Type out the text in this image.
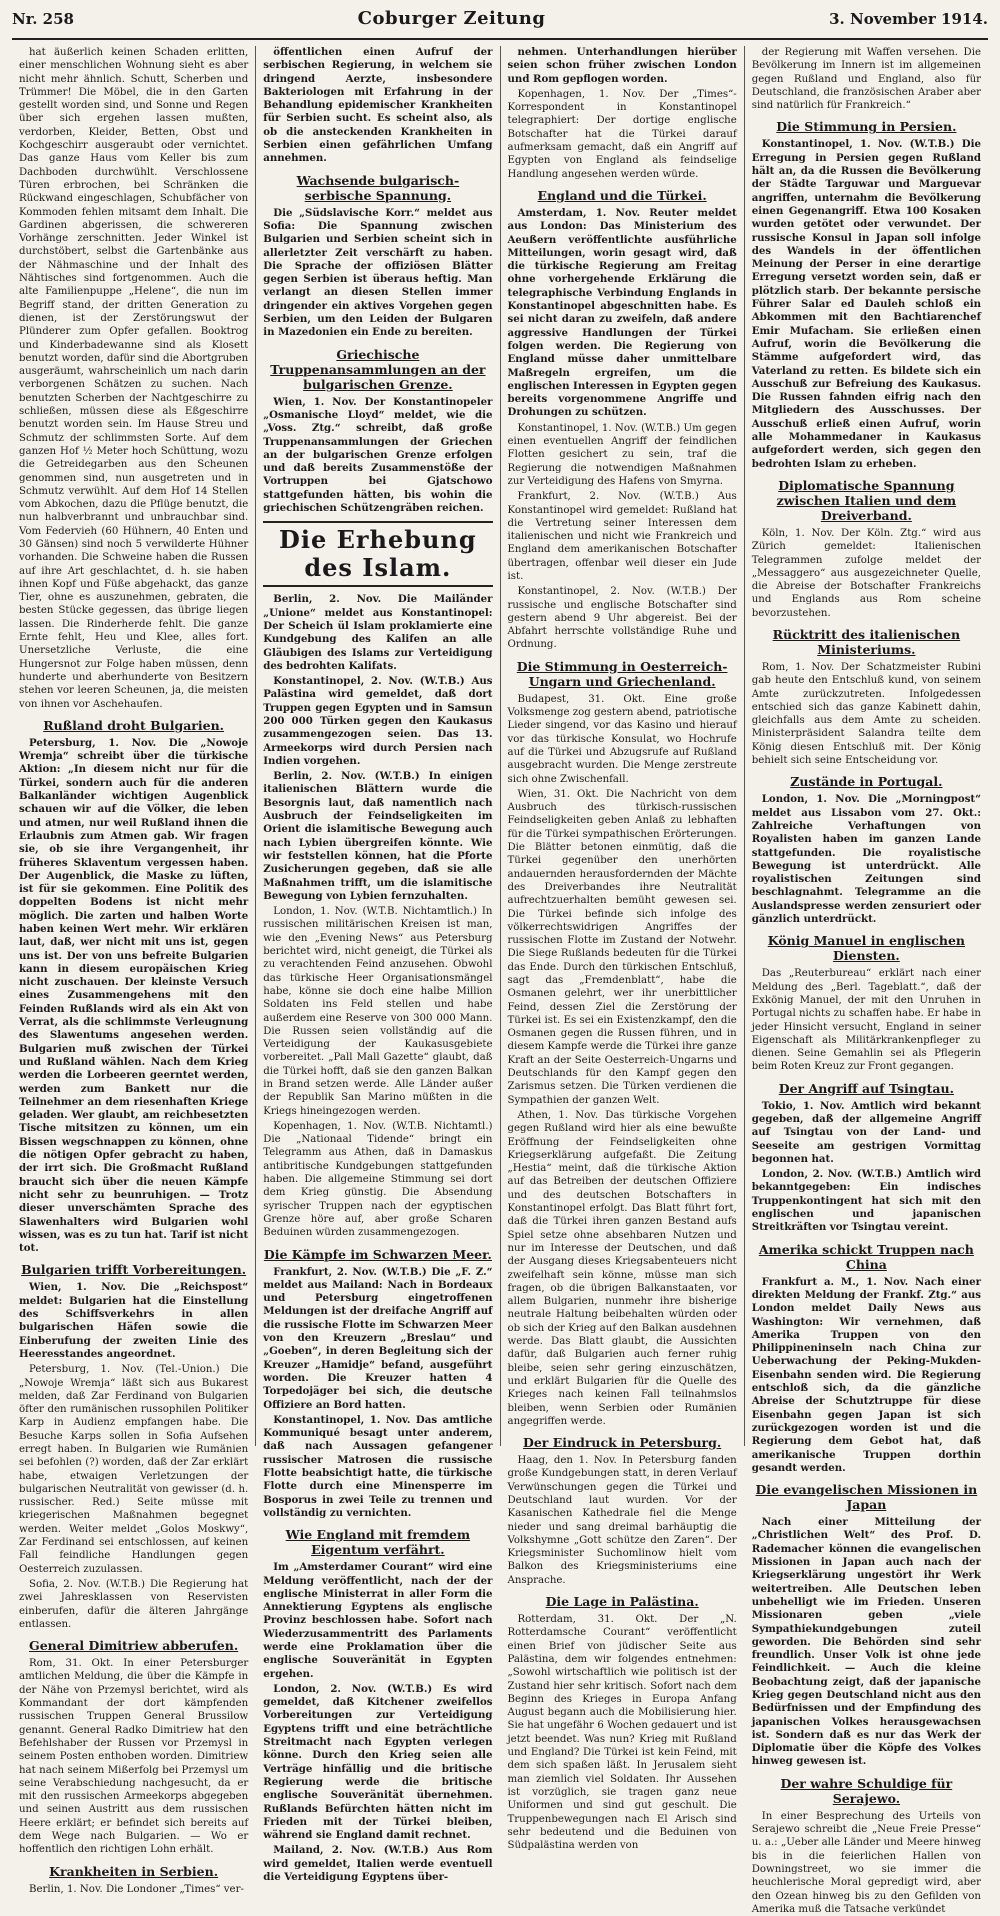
Nr. 258	Coburger Zeitung	3. November 1914.

hat äußerlich keinen Schaden erlitten, einer menschlichen Wohnung sieht es aber nicht mehr ähnlich. Schutt, Scherben und Trümmer! Die Möbel, die in den Garten gestellt worden sind, und Sonne und Regen über sich ergehen lassen mußten, verdorben, Kleider, Betten, Obst und Kochgeschirr ausgeraubt oder vernichtet. Das ganze Haus vom Keller bis zum Dachboden durchwühlt. Verschlossene Türen erbrochen, bei Schränken die Rückwand eingeschlagen, Schubfächer von Kommoden fehlen mitsamt dem Inhalt. Die Gardinen abgerissen, die schwereren Vorhänge zerschnitten. Jeder Winkel ist durchstöbert, selbst die Gartenbänke aus der Nähmaschine und der Inhalt des Nähtisches sind fortgenommen. Auch die alte Familienpuppe „Helene“, die nun im Begriff stand, der dritten Generation zu dienen, ist der Zerstörungswut der Plünderer zum Opfer gefallen. Booktrog und Kinderbadewanne sind als Klosett benutzt worden, dafür sind die Abortgruben ausgeräumt, wahrscheinlich um nach darin verborgenen Schätzen zu suchen. Nach benutzten Scherben der Nachtgeschirre zu schließen, müssen diese als Eßgeschirre benutzt worden sein. Im Hause Streu und Schmutz der schlimmsten Sorte. Auf dem ganzen Hof ½ Meter hoch Schüttung, wozu die Getreidegarben aus den Scheunen genommen sind, nun ausgetreten und in Schmutz verwühlt. Auf dem Hof 14 Stellen vom Abkochen, dazu die Pflüge benutzt, die nun halbverbrannt und unbrauchbar sind. Vom Federvieh (60 Hühnern, 40 Enten und 30 Gänsen) sind noch 5 verwilderte Hühner vorhanden. Die Schweine haben die Russen auf ihre Art geschlachtet, d. h. sie haben ihnen Kopf und Füße abgehackt, das ganze Tier, ohne es auszunehmen, gebraten, die besten Stücke gegessen, das übrige liegen lassen. Die Rinderherde fehlt. Die ganze Ernte fehlt, Heu und Klee, alles fort. Unersetzliche Verluste, die eine Hungersnot zur Folge haben müssen, denn hunderte und aberhunderte von Besitzern stehen vor leeren Scheunen, ja, die meisten von ihnen vor Aschehaufen.

Rußland droht Bulgarien.

Petersburg, 1. Nov. Die „Nowoje Wremja“ schreibt über die türkische Aktion: „In diesem nicht nur für die Türkei, sondern auch für die anderen Balkanländer wichtigen Augenblick schauen wir auf die Völker, die leben und atmen, nur weil Rußland ihnen die Erlaubnis zum Atmen gab. Wir fragen sie, ob sie ihre Vergangenheit, ihr früheres Sklaventum vergessen haben. Der Augenblick, die Maske zu lüften, ist für sie gekommen. Eine Politik des doppelten Bodens ist nicht mehr möglich. Die zarten und halben Worte haben keinen Wert mehr. Wir erklären laut, daß, wer nicht mit uns ist, gegen uns ist. Der von uns befreite Bulgarien kann in diesem europäischen Krieg nicht zuschauen. Der kleinste Versuch eines Zusammengehens mit den Feinden Rußlands wird als ein Akt von Verrat, als die schlimmste Verleugnung des Slawentums angesehen werden. Bulgarien muß zwischen der Türkei und Rußland wählen. Nach dem Krieg werden die Lorbeeren geerntet werden, werden zum Bankett nur die Teilnehmer an dem riesenhaften Kriege geladen. Wer glaubt, am reichbesetzten Tische mitsitzen zu können, um ein Bissen wegschnappen zu können, ohne die nötigen Opfer gebracht zu haben, der irrt sich. Die Großmacht Rußland braucht sich über die neuen Kämpfe nicht sehr zu beunruhigen. — Trotz dieser unverschämten Sprache des Slawenhalters wird Bulgarien wohl wissen, was es zu tun hat. Tarif ist nicht tot.

Bulgarien trifft Vorbereitungen.

Wien, 1. Nov. Die „Reichspost“ meldet: Bulgarien hat die Einstellung des Schiffsverkehrs in allen bulgarischen Häfen sowie die Einberufung der zweiten Linie des Heeresstandes angeordnet.

Petersburg, 1. Nov. (Tel.-Union.) Die „Nowoje Wremja“ läßt sich aus Bukarest melden, daß Zar Ferdinand von Bulgarien öfter den rumänischen russophilen Politiker Karp in Audienz empfangen habe. Die Besuche Karps sollen in Sofia Aufsehen erregt haben. In Bulgarien wie Rumänien sei befohlen (?) worden, daß der Zar erklärt habe, etwaigen Verletzungen der bulgarischen Neutralität von gewisser (d. h. russischer. Red.) Seite müsse mit kriegerischen Maßnahmen begegnet werden. Weiter meldet „Golos Moskwy“, Zar Ferdinand sei entschlossen, auf keinen Fall feindliche Handlungen gegen Oesterreich zuzulassen.

Sofia, 2. Nov. (W.T.B.) Die Regierung hat zwei Jahresklassen von Reservisten einberufen, dafür die älteren Jahrgänge entlassen.

General Dimitriew abberufen.

Rom, 31. Okt. In einer Petersburger amtlichen Meldung, die über die Kämpfe in der Nähe von Przemysl berichtet, wird als Kommandant der dort kämpfenden russischen Truppen General Brussilow genannt. General Radko Dimitriew hat den Befehlshaber der Russen vor Przemysl in seinem Posten enthoben worden. Dimitriew hat nach seinem Mißerfolg bei Przemysl um seine Verabschiedung nachgesucht, da er mit den russischen Armeekorps abgegeben und seinen Austritt aus dem russischen Heere erklärt; er befindet sich bereits auf dem Wege nach Bulgarien. — Wo er hoffentlich den richtigen Lohn erhält.

Krankheiten in Serbien.

Berlin, 1. Nov. Die Londoner „Times“ ver-

öffentlichen einen Aufruf der serbischen Regierung, in welchem sie dringend Aerzte, insbesondere Bakteriologen mit Erfahrung in der Behandlung epidemischer Krankheiten für Serbien sucht. Es scheint also, als ob die ansteckenden Krankheiten in Serbien einen gefährlichen Umfang annehmen.

Wachsende bulgarisch-serbische Spannung.

Die „Südslavische Korr.“ meldet aus Sofia: Die Spannung zwischen Bulgarien und Serbien scheint sich in allerletzter Zeit verschärft zu haben. Die Sprache der offiziösen Blätter gegen Serbien ist überaus heftig. Man verlangt an diesen Stellen immer dringender ein aktives Vorgehen gegen Serbien, um den Leiden der Bulgaren in Mazedonien ein Ende zu bereiten.

Griechische Truppenansammlungen an der bulgarischen Grenze.

Wien, 1. Nov. Der Konstantinopeler „Osmanische Lloyd“ meldet, wie die „Voss. Ztg.“ schreibt, daß große Truppenansammlungen der Griechen an der bulgarischen Grenze erfolgen und daß bereits Zusammenstöße der Vortruppen bei Gjatschowo stattgefunden hätten, bis wohin die griechischen Schützengräben reichen.

Die Erhebung des Islam.

Berlin, 2. Nov. Die Mailänder „Unione“ meldet aus Konstantinopel: Der Scheich ül Islam proklamierte eine Kundgebung des Kalifen an alle Gläubigen des Islams zur Verteidigung des bedrohten Kalifats.

Konstantinopel, 2. Nov. (W.T.B.) Aus Palästina wird gemeldet, daß dort Truppen gegen Egypten und in Samsun 200 000 Türken gegen den Kaukasus zusammengezogen seien. Das 13. Armeekorps wird durch Persien nach Indien vorgehen.

Berlin, 2. Nov. (W.T.B.) In einigen italienischen Blättern wurde die Besorgnis laut, daß namentlich nach Ausbruch der Feindseligkeiten im Orient die islamitische Bewegung auch nach Lybien übergreifen könnte. Wie wir feststellen können, hat die Pforte Zusicherungen gegeben, daß sie alle Maßnahmen trifft, um die islamitische Bewegung von Lybien fernzuhalten.

London, 1. Nov. (W.T.B. Nichtamtlich.) In russischen militärischen Kreisen ist man, wie den „Evening News“ aus Petersburg berichtet wird, nicht geneigt, die Türkei als zu verachtenden Feind anzusehen. Obwohl das türkische Heer Organisationsmängel habe, könne sie doch eine halbe Million Soldaten ins Feld stellen und habe außerdem eine Reserve von 300 000 Mann. Die Russen seien vollständig auf die Verteidigung der Kaukasusgebiete vorbereitet. „Pall Mall Gazette“ glaubt, daß die Türkei hofft, daß sie den ganzen Balkan in Brand setzen werde. Alle Länder außer der Republik San Marino müßten in die Kriegs hineingezogen werden.

Kopenhagen, 1. Nov. (W.T.B. Nichtamtl.) Die „Nationaal Tidende“ bringt ein Telegramm aus Athen, daß in Damaskus antibritische Kundgebungen stattgefunden haben. Die allgemeine Stimmung sei dort dem Krieg günstig. Die Absendung syrischer Truppen nach der egyptischen Grenze höre auf, aber große Scharen Beduinen würden zusammengezogen.

Die Kämpfe im Schwarzen Meer.

Frankfurt, 2. Nov. (W.T.B.) Die „F. Z.“ meldet aus Mailand: Nach in Bordeaux und Petersburg eingetroffenen Meldungen ist der dreifache Angriff auf die russische Flotte im Schwarzen Meer von den Kreuzern „Breslau“ und „Goeben“, in deren Begleitung sich der Kreuzer „Hamidje“ befand, ausgeführt worden. Die Kreuzer hatten 4 Torpedojäger bei sich, die deutsche Offiziere an Bord hatten.

Konstantinopel, 1. Nov. Das amtliche Kommuniqué besagt unter anderem, daß nach Aussagen gefangener russischer Matrosen die russische Flotte beabsichtigt hatte, die türkische Flotte durch eine Minensperre im Bosporus in zwei Teile zu trennen und vollständig zu vernichten.

Wie England mit fremdem Eigentum verfährt.

Im „Amsterdamer Courant“ wird eine Meldung veröffentlicht, nach der der englische Ministerrat in aller Form die Annektierung Egyptens als englische Provinz beschlossen habe. Sofort nach Wiederzusammentritt des Parlaments werde eine Proklamation über die englische Souveränität in Egypten ergehen.

London, 2. Nov. (W.T.B.) Es wird gemeldet, daß Kitchener zweifellos Vorbereitungen zur Verteidigung Egyptens trifft und eine beträchtliche Streitmacht nach Egypten verlegen könne. Durch den Krieg seien alle Verträge hinfällig und die britische Regierung werde die britische englische Souveränität übernehmen. Rußlands Befürchten hätten nicht im Frieden mit der Türkei bleiben, während sie England damit rechnet.

Mailand, 2. Nov. (W.T.B.) Aus Rom wird gemeldet, Italien werde eventuell die Verteidigung Egyptens über-

nehmen. Unterhandlungen hierüber seien schon früher zwischen London und Rom gepflogen worden.

Kopenhagen, 1. Nov. Der „Times“-Korrespondent in Konstantinopel telegraphiert: Der dortige englische Botschafter hat die Türkei darauf aufmerksam gemacht, daß ein Angriff auf Egypten von England als feindselige Handlung angesehen werden würde.

England und die Türkei.

Amsterdam, 1. Nov. Reuter meldet aus London: Das Ministerium des Aeußern veröffentlichte ausführliche Mitteilungen, worin gesagt wird, daß die türkische Regierung am Freitag ohne vorhergehende Erklärung die telegraphische Verbindung Englands in Konstantinopel abgeschnitten habe. Es sei nicht daran zu zweifeln, daß andere aggressive Handlungen der Türkei folgen werden. Die Regierung von England müsse daher unmittelbare Maßregeln ergreifen, um die englischen Interessen in Egypten gegen bereits vorgenommene Angriffe und Drohungen zu schützen.

Konstantinopel, 1. Nov. (W.T.B.) Um gegen einen eventuellen Angriff der feindlichen Flotten gesichert zu sein, traf die Regierung die notwendigen Maßnahmen zur Verteidigung des Hafens von Smyrna.

Frankfurt, 2. Nov. (W.T.B.) Aus Konstantinopel wird gemeldet: Rußland hat die Vertretung seiner Interessen dem italienischen und nicht wie Frankreich und England dem amerikanischen Botschafter übertragen, offenbar weil dieser ein Jude ist.

Konstantinopel, 2. Nov. (W.T.B.) Der russische und englische Botschafter sind gestern abend 9 Uhr abgereist. Bei der Abfahrt herrschte vollständige Ruhe und Ordnung.

Die Stimmung in Oesterreich-Ungarn und Griechenland.

Budapest, 31. Okt. Eine große Volksmenge zog gestern abend, patriotische Lieder singend, vor das Kasino und hierauf vor das türkische Konsulat, wo Hochrufe auf die Türkei und Abzugsrufe auf Rußland ausgebracht wurden. Die Menge zerstreute sich ohne Zwischenfall.

Wien, 31. Okt. Die Nachricht von dem Ausbruch des türkisch-russischen Feindseligkeiten geben Anlaß zu lebhaften für die Türkei sympathischen Erörterungen. Die Blätter betonen einmütig, daß die Türkei gegenüber den unerhörten andauernden herausfordernden der Mächte des Dreiverbandes ihre Neutralität aufrechtzuerhalten bemüht gewesen sei. Die Türkei befinde sich infolge des völkerrechtswidrigen Angriffes der russischen Flotte im Zustand der Notwehr. Die Siege Rußlands bedeuten für die Türkei das Ende. Durch den türkischen Entschluß, sagt das „Fremdenblatt“, habe die Osmanen gelehrt, wer ihr unerbittlicher Feind, dessen Ziel die Zerstörung der Türkei ist. Es sei ein Existenzkampf, den die Osmanen gegen die Russen führen, und in diesem Kampfe werde die Türkei ihre ganze Kraft an der Seite Oesterreich-Ungarns und Deutschlands für den Kampf gegen den Zarismus setzen. Die Türken verdienen die Sympathien der ganzen Welt.

Athen, 1. Nov. Das türkische Vorgehen gegen Rußland wird hier als eine bewußte Eröffnung der Feindseligkeiten ohne Kriegserklärung aufgefaßt. Die Zeitung „Hestia“ meint, daß die türkische Aktion auf das Betreiben der deutschen Offiziere und des deutschen Botschafters in Konstantinopel erfolgt. Das Blatt führt fort, daß die Türkei ihren ganzen Bestand aufs Spiel setze ohne absehbaren Nutzen und nur im Interesse der Deutschen, und daß der Ausgang dieses Kriegsabenteuers nicht zweifelhaft sein könne, müsse man sich fragen, ob die übrigen Balkanstaaten, vor allem Bulgarien, nunmehr ihre bisherige neutrale Haltung beibehalten würden oder ob sich der Krieg auf den Balkan ausdehnen werde. Das Blatt glaubt, die Aussichten dafür, daß Bulgarien auch ferner ruhig bleibe, seien sehr gering einzuschätzen, und erklärt Bulgarien für die Quelle des Krieges nach keinen Fall teilnahmslos bleiben, wenn Serbien oder Rumänien angegriffen werde.

Der Eindruck in Petersburg.

Haag, den 1. Nov. In Petersburg fanden große Kundgebungen statt, in deren Verlauf Verwünschungen gegen die Türkei und Deutschland laut wurden. Vor der Kasanischen Kathedrale fiel die Menge nieder und sang dreimal barhäuptig die Volkshymne „Gott schütze den Zaren“. Der Kriegsminister Suchomlinow hielt vom Balkon des Kriegsministeriums eine Ansprache.

Die Lage in Palästina.

Rotterdam, 31. Okt. Der „N. Rotterdamsche Courant“ veröffentlicht einen Brief von jüdischer Seite aus Palästina, dem wir folgendes entnehmen: „Sowohl wirtschaftlich wie politisch ist der Zustand hier sehr kritisch. Sofort nach dem Beginn des Krieges in Europa Anfang August begann auch die Mobilisierung hier. Sie hat ungefähr 6 Wochen gedauert und ist jetzt beendet. Was nun? Krieg mit Rußland und England? Die Türkei ist kein Feind, mit dem sich spaßen läßt. In Jerusalem sieht man ziemlich viel Soldaten. Ihr Aussehen ist vorzüglich, sie tragen ganz neue Uniformen und sind gut geschult. Die Truppenbewegungen nach El Arisch sind sehr bedeutend und die Beduinen von Südpalästina werden von

der Regierung mit Waffen versehen. Die Bevölkerung im Innern ist im allgemeinen gegen Rußland und England, also für Deutschland, die französischen Araber aber sind natürlich für Frankreich.“

Die Stimmung in Persien.

Konstantinopel, 1. Nov. (W.T.B.) Die Erregung in Persien gegen Rußland hält an, da die Russen die Bevölkerung der Städte Targuwar und Marguevar angriffen, unternahm die Bevölkerung einen Gegenangriff. Etwa 100 Kosaken wurden getötet oder verwundet. Der russische Konsul in Japan soll infolge des Wandels in der öffentlichen Meinung der Perser in eine derartige Erregung versetzt worden sein, daß er plötzlich starb. Der bekannte persische Führer Salar ed Dauleh schloß ein Abkommen mit den Bachtiarenchef Emir Mufacham. Sie erließen einen Aufruf, worin die Bevölkerung die Stämme aufgefordert wird, das Vaterland zu retten. Es bildete sich ein Ausschuß zur Befreiung des Kaukasus. Die Russen fahnden eifrig nach den Mitgliedern des Ausschusses. Der Ausschuß erließ einen Aufruf, worin alle Mohammedaner in Kaukasus aufgefordert werden, sich gegen den bedrohten Islam zu erheben.

Diplomatische Spannung zwischen Italien und dem Dreiverband.

Köln, 1. Nov. Der Köln. Ztg.“ wird aus Zürich gemeldet: Italienischen Telegrammen zufolge meldet der „Messaggero“ aus ausgezeichneter Quelle, die Abreise der Botschafter Frankreichs und Englands aus Rom scheine bevorzustehen.

Rücktritt des italienischen Ministeriums.

Rom, 1. Nov. Der Schatzmeister Rubini gab heute den Entschluß kund, von seinem Amte zurückzutreten. Infolgedessen entschied sich das ganze Kabinett dahin, gleichfalls aus dem Amte zu scheiden. Ministerpräsident Salandra teilte dem König diesen Entschluß mit. Der König behielt sich seine Entscheidung vor.

Zustände in Portugal.

London, 1. Nov. Die „Morningpost“ meldet aus Lissabon vom 27. Okt.: Zahlreiche Verhaftungen von Royalisten haben im ganzen Lande stattgefunden. Die royalistische Bewegung ist unterdrückt. Alle royalistischen Zeitungen sind beschlagnahmt. Telegramme an die Auslandspresse werden zensuriert oder gänzlich unterdrückt.

König Manuel in englischen Diensten.

Das „Reuterbureau“ erklärt nach einer Meldung des „Berl. Tageblatt.“, daß der Exkönig Manuel, der mit den Unruhen in Portugal nichts zu schaffen habe. Er habe in jeder Hinsicht versucht, England in seiner Eigenschaft als Militärkrankenpfleger zu dienen. Seine Gemahlin sei als Pflegerin beim Roten Kreuz zur Front gegangen.

Der Angriff auf Tsingtau.

Tokio, 1. Nov. Amtlich wird bekannt gegeben, daß der allgemeine Angriff auf Tsingtau von der Land- und Seeseite am gestrigen Vormittag begonnen hat.

London, 2. Nov. (W.T.B.) Amtlich wird bekanntgegeben: Ein indisches Truppenkontingent hat sich mit den englischen und japanischen Streitkräften vor Tsingtau vereint.

Amerika schickt Truppen nach China

Frankfurt a. M., 1. Nov. Nach einer direkten Meldung der Frankf. Ztg.“ aus London meldet Daily News aus Washington: Wir vernehmen, daß Amerika Truppen von den Philippineninseln nach China zur Ueberwachung der Peking-Mukden-Eisenbahn senden wird. Die Regierung entschloß sich, da die gänzliche Abreise der Schutztruppe für diese Eisenbahn gegen Japan ist sich zurückgezogen worden ist und die Regierung dem Gebot hat, daß amerikanische Truppen dorthin gesandt werden.

Die evangelischen Missionen in Japan

Nach einer Mitteilung der „Christlichen Welt“ des Prof. D. Rademacher können die evangelischen Missionen in Japan auch nach der Kriegserklärung ungestört ihr Werk weitertreiben. Alle Deutschen leben unbehelligt wie im Frieden. Unseren Missionaren geben „viele Sympathiekundgebungen zuteil geworden. Die Behörden sind sehr freundlich. Unser Volk ist ohne jede Feindlichkeit. — Auch die kleine Beobachtung zeigt, daß der japanische Krieg gegen Deutschland nicht aus den Bedürfnissen und der Empfindung des japanischen Volkes herausgewachsen ist. Sondern daß es nur das Werk der Diplomatie über die Köpfe des Volkes hinweg gewesen ist.

Der wahre Schuldige für Serajewo.

In einer Besprechung des Urteils von Serajewo schreibt die „Neue Freie Presse“ u. a.: „Ueber alle Länder und Meere hinweg bis in die feierlichen Hallen von Downingstreet, wo sie immer die heuchlerische Moral gepredigt wird, aber den Ozean hinweg bis zu den Gefilden von Amerika muß die Tatsache verkündet
